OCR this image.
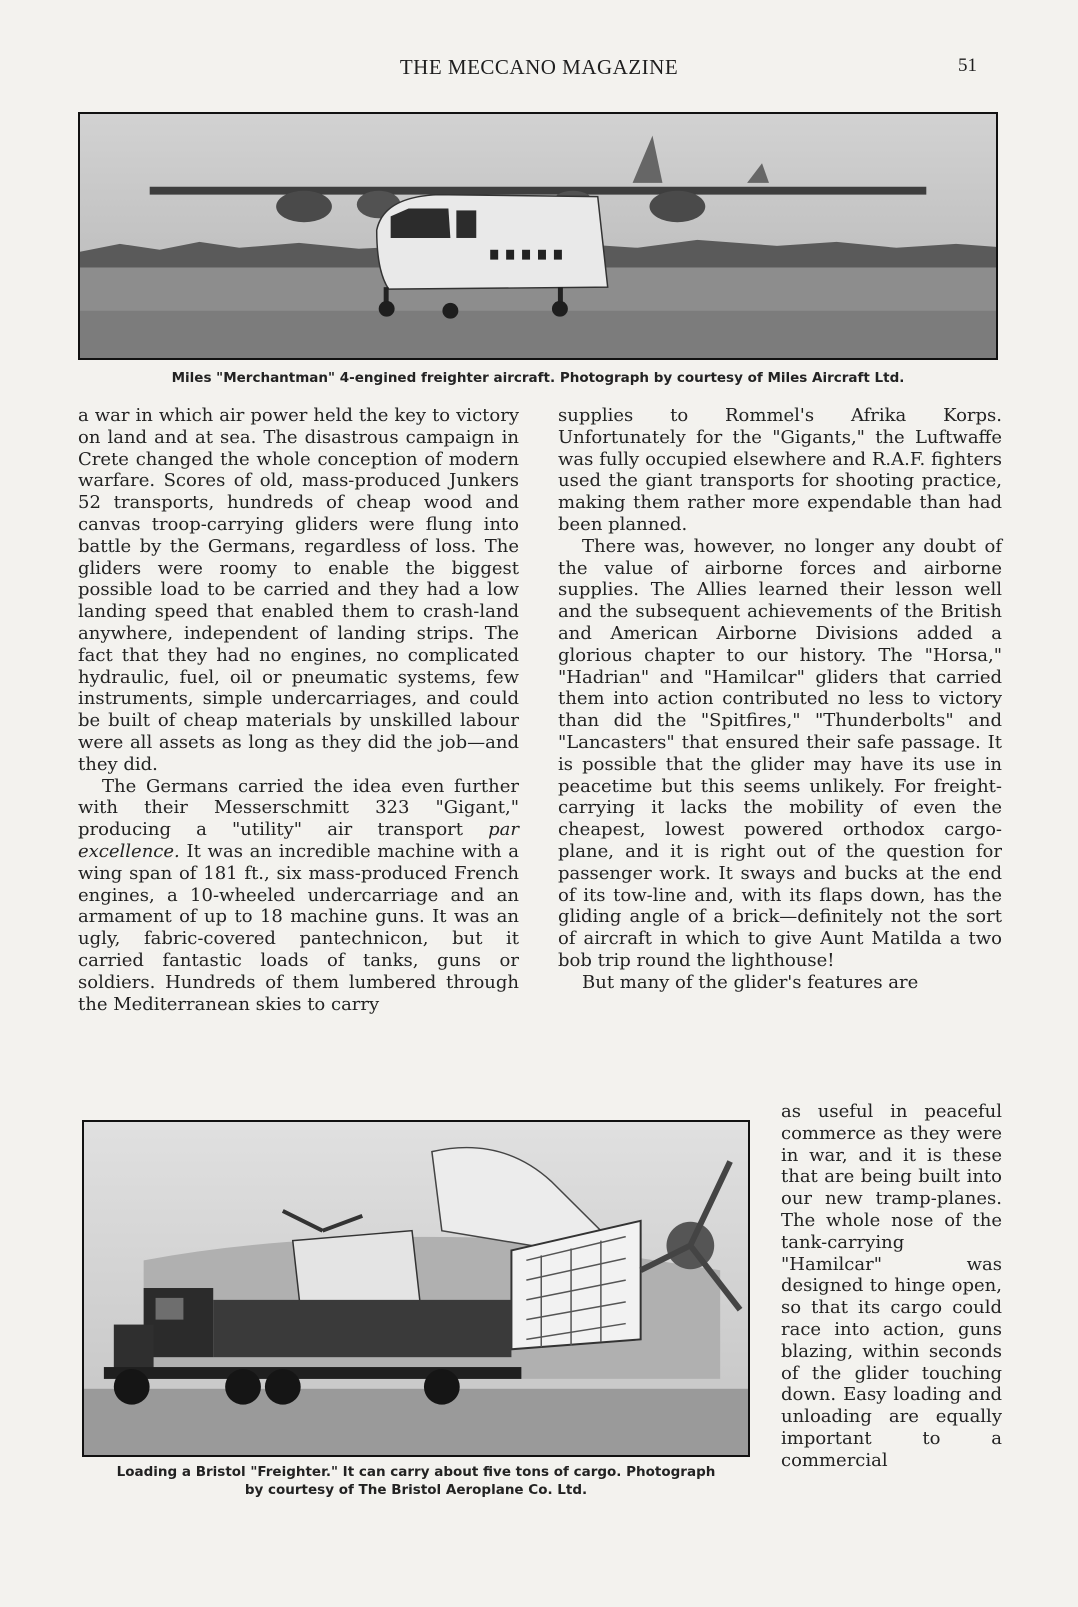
THE MECCANO MAGAZINE	51
Miles "Merchantman" 4-engined freighter aircraft. Photograph by courtesy of Miles Aircraft Ltd.

a war in which air power held the key to victory on land and at sea. The disastrous campaign in Crete changed the whole conception of modern warfare. Scores of old, mass-produced Junkers 52 transports, hundreds of cheap wood and canvas troop-carrying gliders were flung into battle by the Germans, regardless of loss. The gliders were roomy to enable the biggest possible load to be carried and they had a low landing speed that enabled them to crash-land anywhere, independent of landing strips. The fact that they had no engines, no complicated hydraulic, fuel, oil or pneumatic systems, few instruments, simple undercarriages, and could be built of cheap materials by unskilled labour were all assets as long as they did the job—and they did.

The Germans carried the idea even further with their Messerschmitt 323 "Gigant," producing a "utility" air transport par excellence. It was an incredible machine with a wing span of 181 ft., six mass-produced French engines, a 10-wheeled undercarriage and an armament of up to 18 machine guns. It was an ugly, fabric-covered pantechnicon, but it carried fantastic loads of tanks, guns or soldiers. Hundreds of them lumbered through the Mediterranean skies to carry

supplies to Rommel's Afrika Korps. Unfortunately for the "Gigants," the Luftwaffe was fully occupied elsewhere and R.A.F. fighters used the giant transports for shooting practice, making them rather more expendable than had been planned.

There was, however, no longer any doubt of the value of airborne forces and airborne supplies. The Allies learned their lesson well and the subsequent achievements of the British and American Airborne Divisions added a glorious chapter to our history. The "Horsa," "Hadrian" and "Hamilcar" gliders that carried them into action contributed no less to victory than did the "Spitfires," "Thunderbolts" and "Lancasters" that ensured their safe passage. It is possible that the glider may have its use in peacetime but this seems unlikely. For freight-carrying it lacks the mobility of even the cheapest, lowest powered orthodox cargo-plane, and it is right out of the question for passenger work. It sways and bucks at the end of its tow-line and, with its flaps down, has the gliding angle of a brick—definitely not the sort of aircraft in which to give Aunt Matilda a two bob trip round the lighthouse!

But many of the glider's features are

as useful in peaceful commerce as they were in war, and it is these that are being built into our new tramp-planes. The whole nose of the tank-carrying "Hamilcar" was designed to hinge open, so that its cargo could race into action, guns blazing, within seconds of the glider touching down. Easy loading and unloading are equally important to a commercial

Loading a Bristol "Freighter." It can carry about five tons of cargo. Photograph
by courtesy of The Bristol Aeroplane Co. Ltd.
